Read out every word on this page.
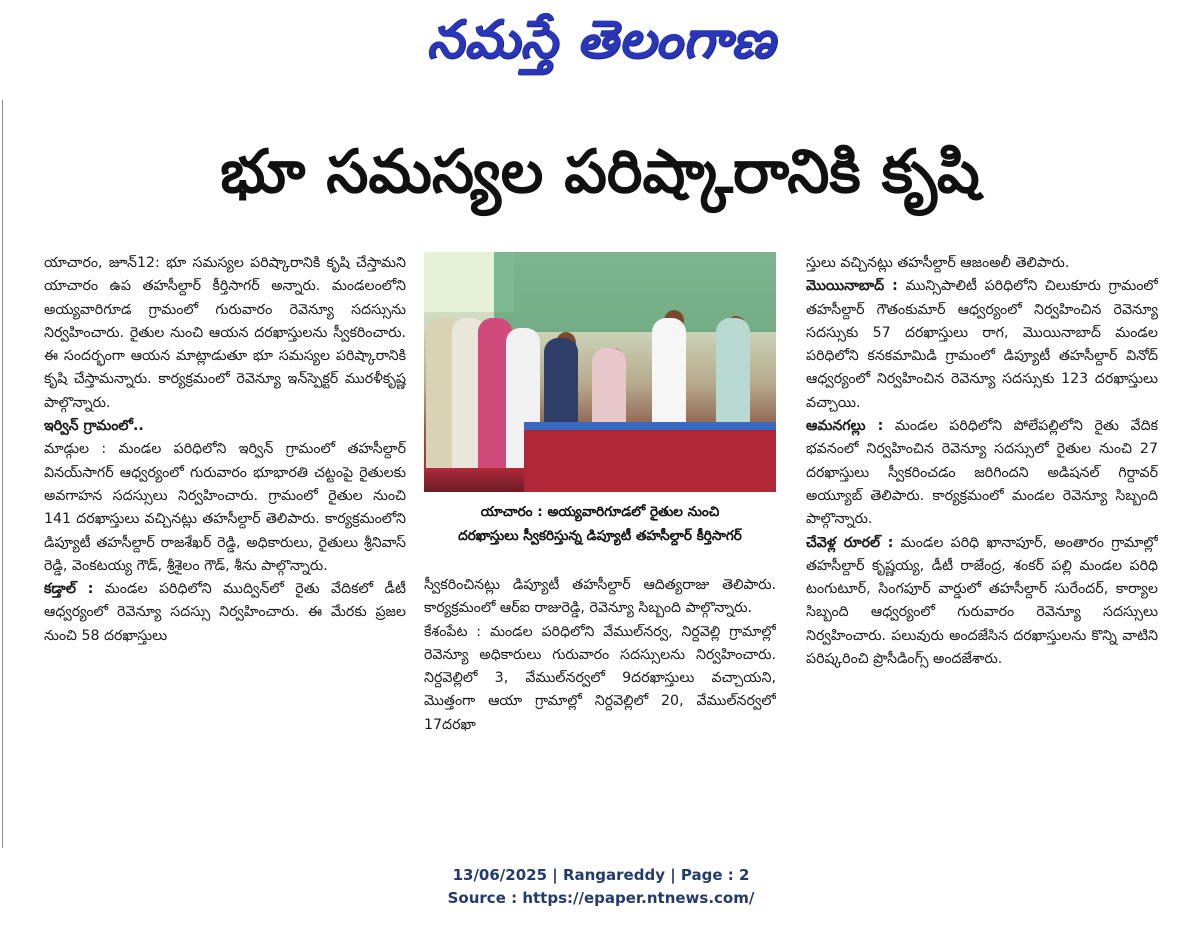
నమస్తే తెలంగాణ
భూ సమస్యల పరిష్కారానికి కృషి

యాచారం, జూన్12: భూ సమస్యల పరిష్కారానికి కృషి చేస్తామని యాచారం ఉప తహసీల్దార్ కీర్తిసాగర్ అన్నారు. మండలంలోని అయ్యవారిగూడ గ్రామంలో గురువారం రెవెన్యూ సదస్సును నిర్వహించారు. రైతుల నుంచి ఆయన దరఖాస్తులను స్వీకరించారు. ఈ సందర్భంగా ఆయన మాట్లాడుతూ భూ సమస్యల పరిష్కారానికి కృషి చేస్తామన్నారు. కార్యక్రమంలో రెవెన్యూ ఇన్‌స్పెక్టర్ మురళీకృష్ణ పాల్గొన్నారు.

ఇర్విన్ గ్రామంలో..

మాడ్గుల : మండల పరిధిలోని ఇర్విన్ గ్రామంలో తహసీల్దార్ వినయ్‌సాగర్ ఆధ్వర్యంలో గురువారం భూభారతి చట్టంపై రైతులకు అవగాహన సదస్సులు నిర్వహించారు. గ్రామంలో రైతుల నుంచి 141 దరఖాస్తులు వచ్చినట్లు తహసీల్దార్ తెలిపారు. కార్యక్రమంలోని డిప్యూటీ తహసీల్దార్ రాజశేఖర్ రెడ్డి, అధికారులు, రైతులు శ్రీనివాస్ రెడ్డి, వెంకటయ్య గౌడ్, శ్రీశైలం గౌడ్, శీను పాల్గొన్నారు.

కడ్తాల్ : మండల పరిధిలోని ముద్విన్‌లో రైతు వేదికలో డీటీ ఆధ్వర్యంలో రెవెన్యూ సదస్సు నిర్వహించారు. ఈ మేరకు ప్రజల నుంచి 58 దరఖాస్తులు

యాచారం : అయ్యవారిగూడలో రైతుల నుంచి
దరఖాస్తులు స్వీకరిస్తున్న డిప్యూటీ తహసీల్దార్ కీర్తిసాగర్

స్వీకరించినట్లు డిప్యూటీ తహసీల్దార్ ఆదిత్యరాజు తెలిపారు. కార్యక్రమంలో ఆర్ఐ రాజురెడ్డి, రెవెన్యూ సిబ్బంది పాల్గొన్నారు.

కేశంపేట : మండల పరిధిలోని వేముల్‌నర్వ, నిర్దవెల్లి గ్రామాల్లో రెవెన్యూ అధికారులు గురువారం సదస్సులను నిర్వహించారు. నిర్దవెల్లిలో 3, వేముల్‌నర్వలో 9దరఖాస్తులు వచ్చాయని, మొత్తంగా ఆయా గ్రామాల్లో నిర్దవెల్లిలో 20, వేముల్‌నర్వలో 17దరఖా

స్తులు వచ్చినట్లు తహసీల్దార్ ఆజంఅలీ తెలిపారు.

మొయినాబాద్ : మున్సిపాలిటీ పరిధిలోని చిలుకూరు గ్రామంలో తహసీల్దార్ గౌతంకుమార్ ఆధ్వర్యంలో నిర్వహించిన రెవెన్యూ సదస్సుకు 57 దరఖాస్తులు రాగ, మొయినాబాద్ మండల పరిధిలోని కనకమామిడి గ్రామంలో డిప్యూటీ తహసీల్దార్ వినోద్ ఆధ్వర్యంలో నిర్వహించిన రెవెన్యూ సదస్సుకు 123 దరఖాస్తులు వచ్చాయి.

ఆమనగల్లు : మండల పరిధిలోని పోలేపల్లిలోని రైతు వేదిక భవనంలో నిర్వహించిన రెవెన్యూ సదస్సులో రైతుల నుంచి 27 దరఖాస్తులు స్వీకరించడం జరిగిందని అడిషనల్ గిర్దావర్ అయ్యూబ్ తెలిపారు. కార్యక్రమంలో మండల రెవెన్యూ సిబ్బంది పాల్గొన్నారు.

చేవెళ్ల రూరల్ : మండల పరిధి ఖానాపూర్, అంతారం గ్రామాల్లో తహసీల్దార్ కృష్ణయ్య, డీటీ రాజేంద్ర, శంకర్ పల్లి మండల పరిధి టంగుటూర్, సింగపూర్ వార్డులో తహసీల్దార్ సురేందర్, కార్యాల సిబ్బంది ఆధ్వర్యంలో గురువారం రెవెన్యూ సదస్సులు నిర్వహించారు. పలువురు అందజేసిన దరఖాస్తులను కొన్ని వాటిని పరిష్కరించి ప్రొసీడింగ్స్ అందజేశారు.

13/06/2025 | Rangareddy | Page : 2
Source : https://epaper.ntnews.com/
